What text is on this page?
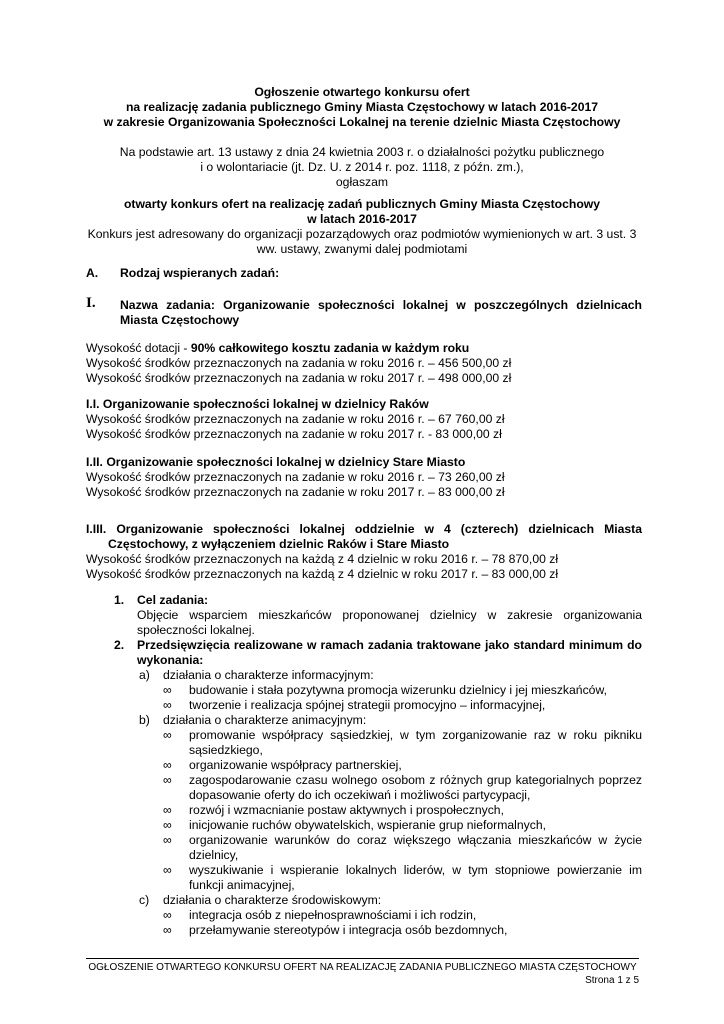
Ogłoszenie otwartego konkursu ofert
na realizację zadania publicznego Gminy Miasta Częstochowy w latach 2016-2017
w zakresie Organizowania Społeczności Lokalnej na terenie dzielnic Miasta Częstochowy
Na podstawie art. 13 ustawy z dnia 24 kwietnia 2003 r. o działalności pożytku publicznego
i o wolontariacie (jt. Dz. U. z 2014 r. poz. 1118, z późn. zm.),
ogłaszam
otwarty konkurs ofert na realizację zadań publicznych Gminy Miasta Częstochowy
w latach 2016-2017
Konkurs jest adresowany do organizacji pozarządowych oraz podmiotów wymienionych w art. 3 ust. 3
ww. ustawy, zwanymi dalej podmiotami
A. Rodzaj wspieranych zadań:
I. Nazwa zadania: Organizowanie społeczności lokalnej w poszczególnych dzielnicach Miasta Częstochowy
Wysokość dotacji - 90% całkowitego kosztu zadania w każdym roku
Wysokość środków przeznaczonych na zadania w roku 2016 r. – 456 500,00 zł
Wysokość środków przeznaczonych na zadania w roku 2017 r. – 498 000,00 zł
I.I. Organizowanie społeczności lokalnej w dzielnicy Raków
Wysokość środków przeznaczonych na zadanie w roku 2016 r. – 67 760,00 zł
Wysokość środków przeznaczonych na zadanie w roku 2017 r. - 83 000,00 zł
I.II. Organizowanie społeczności lokalnej w dzielnicy Stare Miasto
Wysokość środków przeznaczonych na zadanie w roku 2016 r. – 73 260,00 zł
Wysokość środków przeznaczonych na zadanie w roku 2017 r. – 83 000,00 zł
I.III. Organizowanie społeczności lokalnej oddzielnie w 4 (czterech) dzielnicach Miasta Częstochowy, z wyłączeniem dzielnic Raków i Stare Miasto
Wysokość środków przeznaczonych na każdą z 4 dzielnic w roku 2016 r. – 78 870,00 zł
Wysokość środków przeznaczonych na każdą z 4 dzielnic w roku 2017 r. – 83 000,00 zł
1. Cel zadania:
Objęcie wsparciem mieszkańców proponowanej dzielnicy w zakresie organizowania społeczności lokalnej.
2. Przedsięwzięcia realizowane w ramach zadania traktowane jako standard minimum do wykonania:
a) działania o charakterze informacyjnym:
∞ budowanie i stała pozytywna promocja wizerunku dzielnicy i jej mieszkańców,
∞ tworzenie i realizacja spójnej strategii promocyjno – informacyjnej,
b) działania o charakterze animacyjnym:
∞ promowanie współpracy sąsiedzkiej, w tym zorganizowanie raz w roku pikniku sąsiedzkiego,
∞ organizowanie współpracy partnerskiej,
∞ zagospodarowanie czasu wolnego osobom z różnych grup kategorialnych poprzez dopasowanie oferty do ich oczekiwań i możliwości partycypacji,
∞ rozwój i wzmacnianie postaw aktywnych i prospołecznych,
∞ inicjowanie ruchów obywatelskich, wspieranie grup nieformalnych,
∞ organizowanie warunków do coraz większego włączania mieszkańców w życie dzielnicy,
∞ wyszukiwanie i wspieranie lokalnych liderów, w tym stopniowe powierzanie im funkcji animacyjnej,
c) działania o charakterze środowiskowym:
∞ integracja osób z niepełnosprawnościami i ich rodzin,
∞ przełamywanie stereotypów i integracja osób bezdomnych,
OGŁOSZENIE OTWARTEGO KONKURSU OFERT NA REALIZACJĘ ZADANIA PUBLICZNEGO MIASTA CZĘSTOCHOWY
Strona 1 z 5
